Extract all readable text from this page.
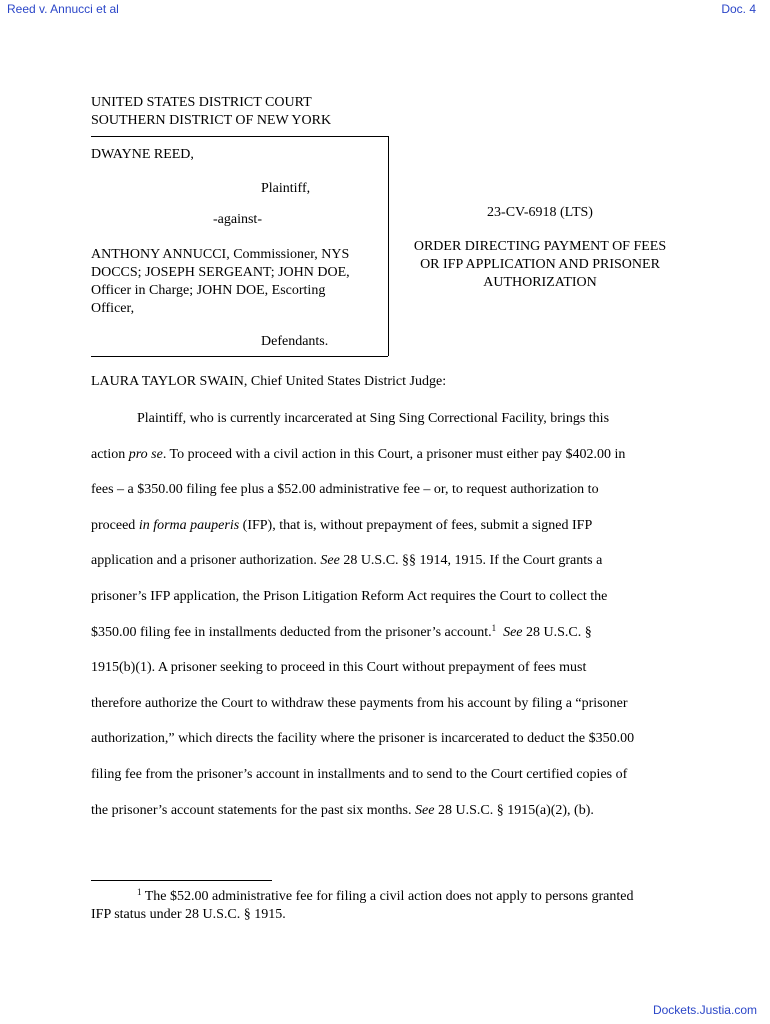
Reed v. Annucci et al	Doc. 4
UNITED STATES DISTRICT COURT
SOUTHERN DISTRICT OF NEW YORK
DWAYNE REED,
Plaintiff,
-against-
ANTHONY ANNUCCI, Commissioner, NYS
DOCCS; JOSEPH SERGEANT; JOHN DOE,
Officer in Charge; JOHN DOE, Escorting
Officer,
Defendants.
23-CV-6918 (LTS)
ORDER DIRECTING PAYMENT OF FEES
OR IFP APPLICATION AND PRISONER
AUTHORIZATION
LAURA TAYLOR SWAIN, Chief United States District Judge:
Plaintiff, who is currently incarcerated at Sing Sing Correctional Facility, brings this
action pro se. To proceed with a civil action in this Court, a prisoner must either pay $402.00 in
fees – a $350.00 filing fee plus a $52.00 administrative fee – or, to request authorization to
proceed in forma pauperis (IFP), that is, without prepayment of fees, submit a signed IFP
application and a prisoner authorization. See 28 U.S.C. §§ 1914, 1915. If the Court grants a
prisoner’s IFP application, the Prison Litigation Reform Act requires the Court to collect the
$350.00 filing fee in installments deducted from the prisoner’s account.$^1$ See 28 U.S.C. §
1915(b)(1). A prisoner seeking to proceed in this Court without prepayment of fees must
therefore authorize the Court to withdraw these payments from his account by filing a “prisoner
authorization,” which directs the facility where the prisoner is incarcerated to deduct the $350.00
filing fee from the prisoner’s account in installments and to send to the Court certified copies of
the prisoner’s account statements for the past six months. See 28 U.S.C. § 1915(a)(2), (b).
$^1$ The $52.00 administrative fee for filing a civil action does not apply to persons granted
IFP status under 28 U.S.C. § 1915.
Dockets.Justia.com
